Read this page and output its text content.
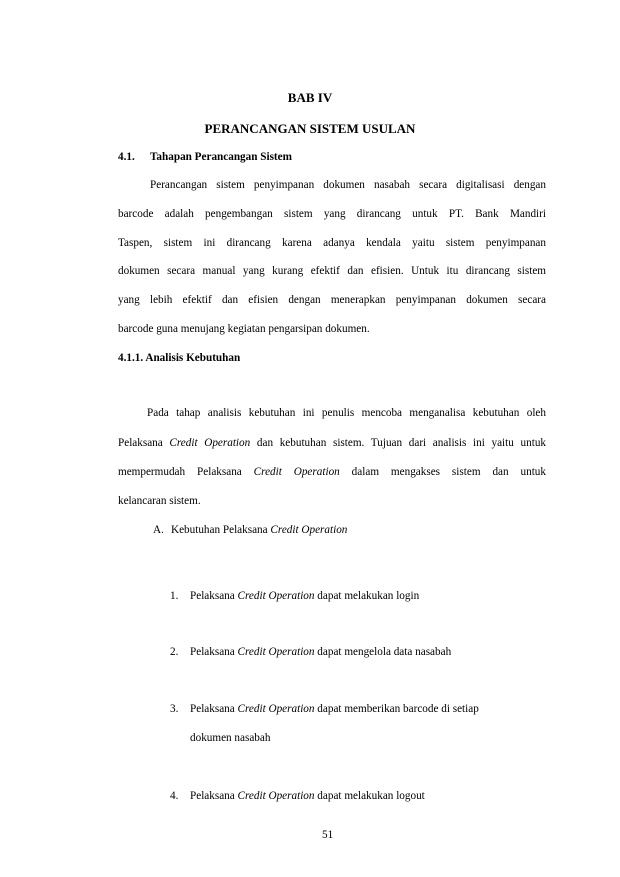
BAB IV
PERANCANGAN SISTEM USULAN
4.1. Tahapan Perancangan Sistem
Perancangan sistem penyimpanan dokumen nasabah secara digitalisasi dengan
barcode adalah pengembangan sistem yang dirancang untuk PT. Bank Mandiri
Taspen, sistem ini dirancang karena adanya kendala yaitu sistem penyimpanan
dokumen secara manual yang kurang efektif dan efisien. Untuk itu dirancang sistem
yang lebih efektif dan efisien dengan menerapkan penyimpanan dokumen secara
barcode guna menujang kegiatan pengarsipan dokumen.
4.1.1. Analisis Kebutuhan
Pada tahap analisis kebutuhan ini penulis mencoba menganalisa kebutuhan oleh
Pelaksana Credit Operation dan kebutuhan sistem. Tujuan dari analisis ini yaitu untuk
mempermudah Pelaksana Credit Operation dalam mengakses sistem dan untuk
kelancaran sistem.
A. Kebutuhan Pelaksana Credit Operation
1. Pelaksana Credit Operation dapat melakukan login
2. Pelaksana Credit Operation dapat mengelola data nasabah
3. Pelaksana Credit Operation dapat memberikan barcode di setiap
dokumen nasabah
4. Pelaksana Credit Operation dapat melakukan logout
51
